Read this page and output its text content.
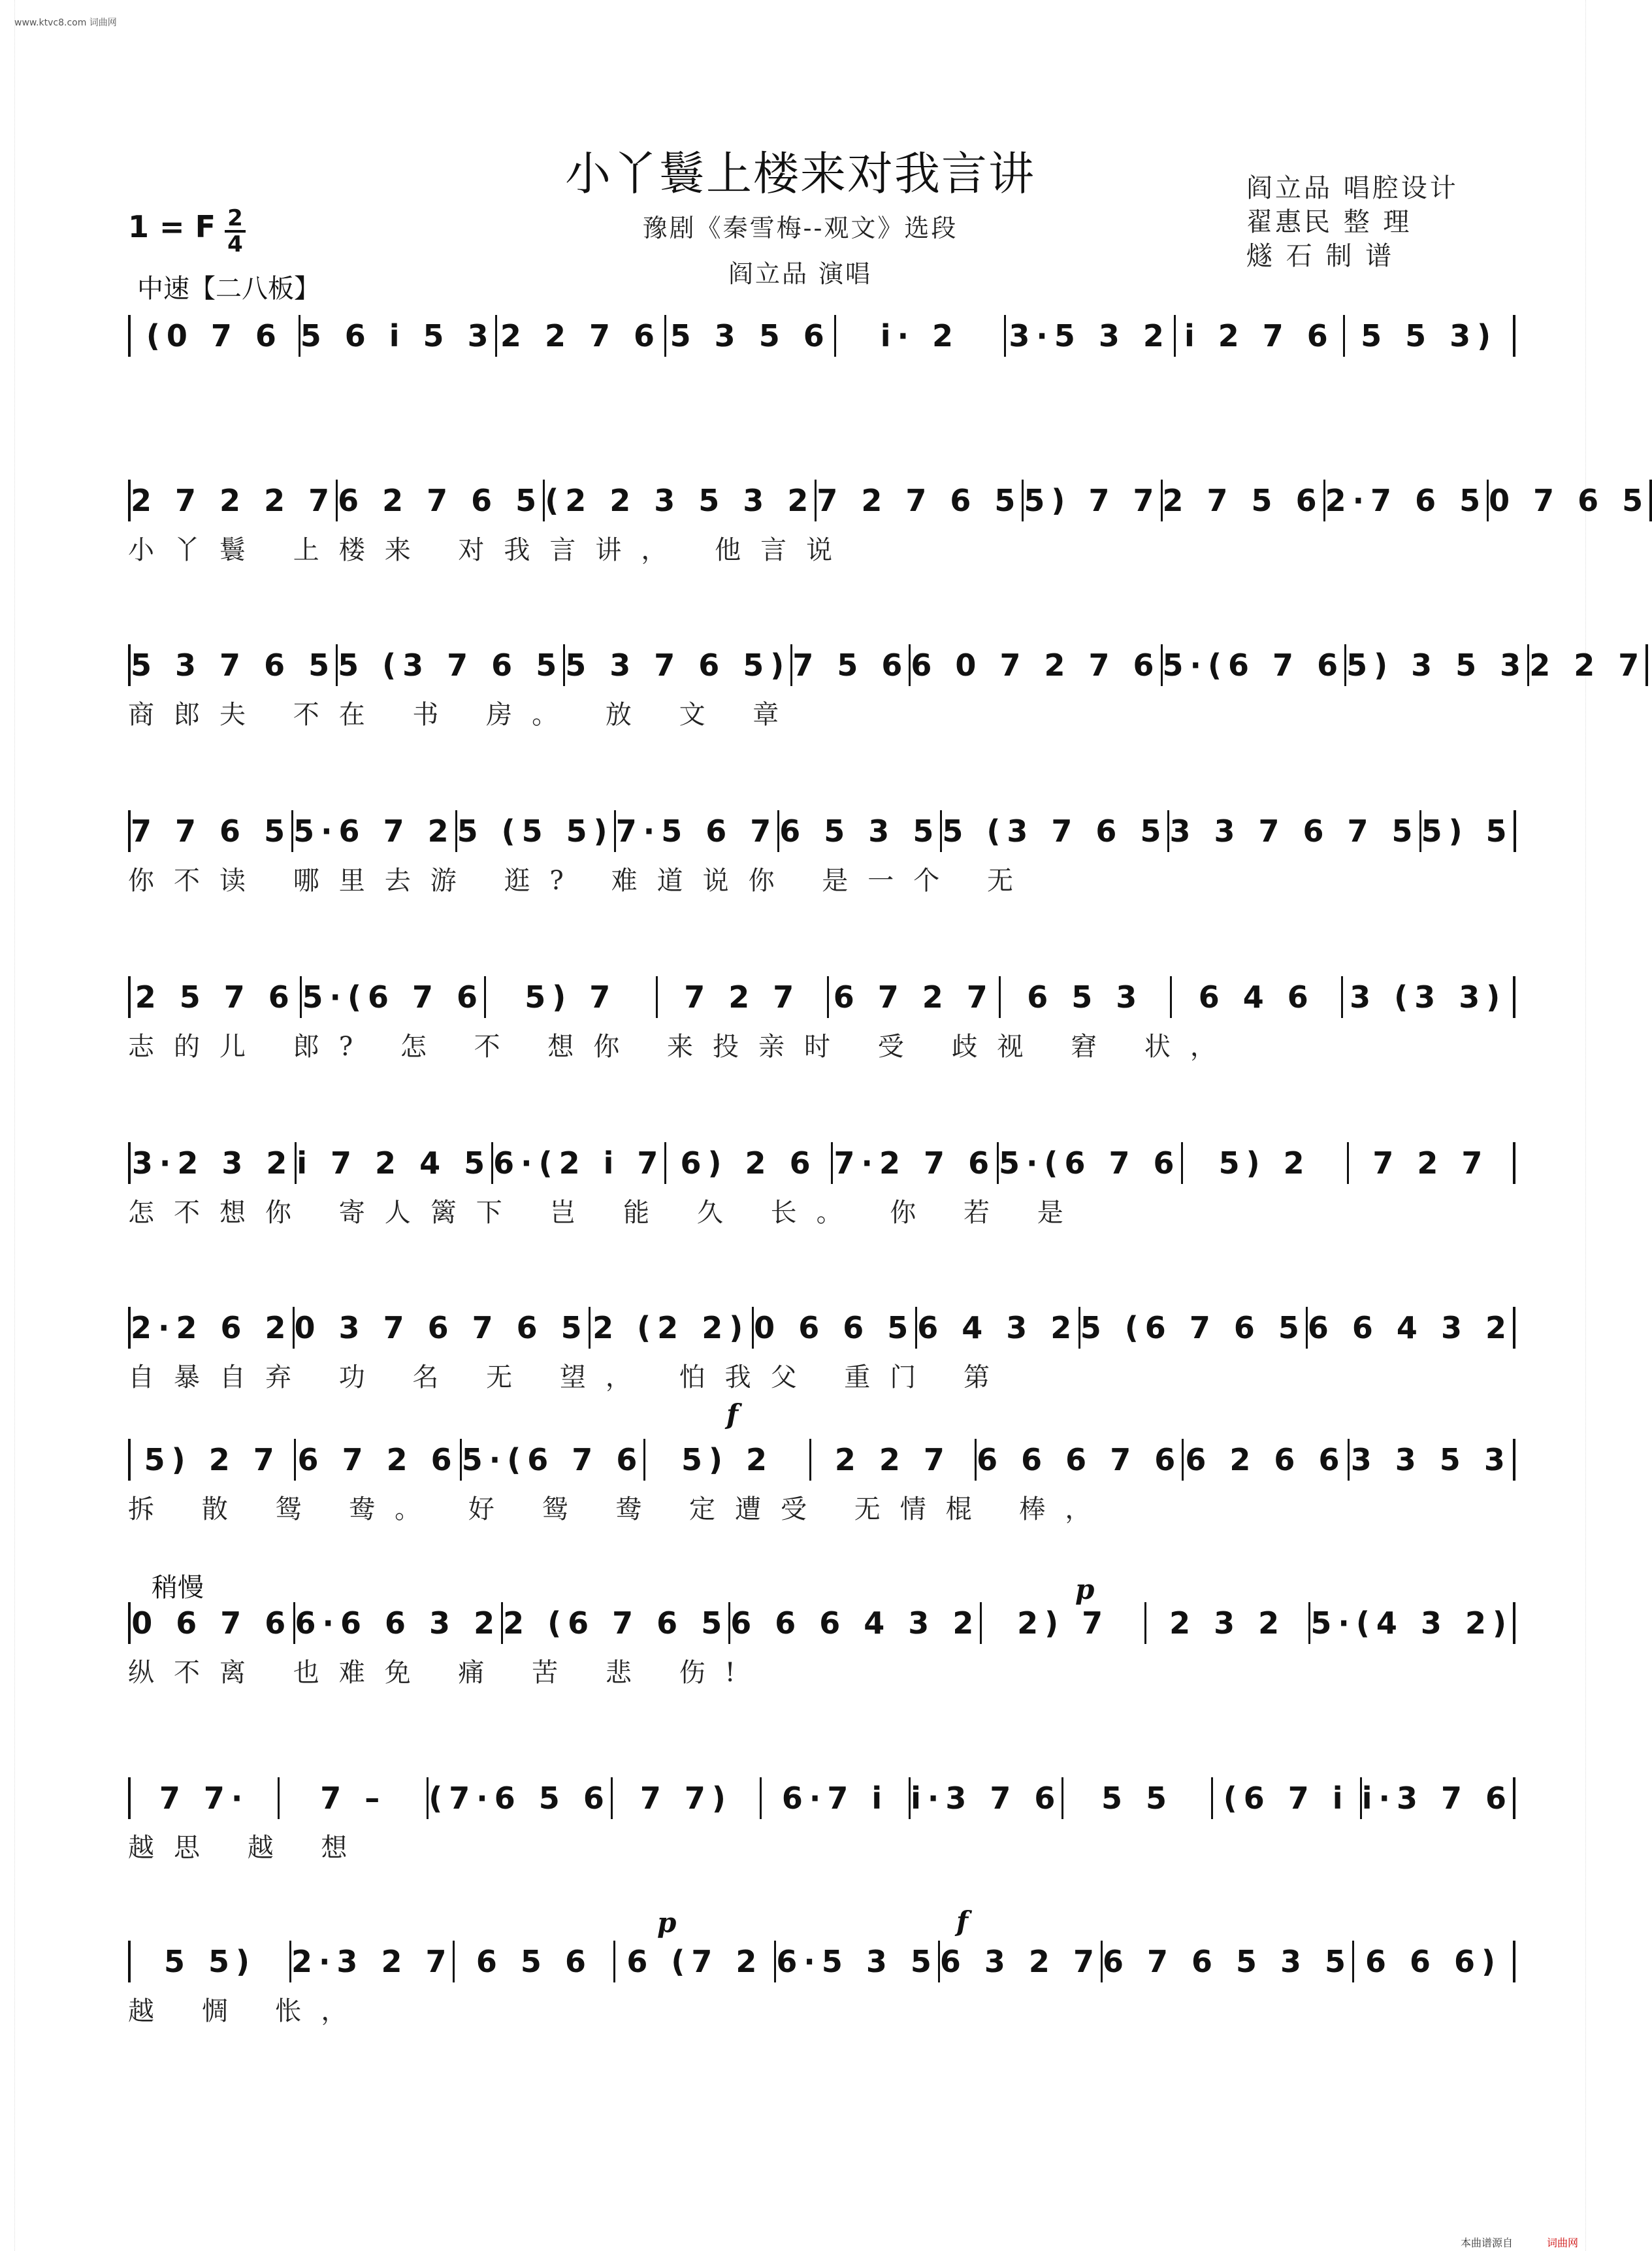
www.ktvc8.com 词曲网
小丫鬟上楼来对我言讲
豫剧《秦雪梅--观文》选段
阎立品 演唱
阎立品 唱腔设计
翟惠民 整 理
燧 石 制 谱
1 = F 2
4
中速【二八板】
稍慢
(0 7 6 5 6 i 5 3 2 2 7 6 5 3 5 6	i· 2	3·5 3 2 i 2 7 6 5 5 3)
2 7 2 2 7 6 2 7 6 5 (2 2 3 5 3 2 7 2 7 6 5 5) 7 7 2 7 5 6 2·7 6 5 0 7 6 5
小丫鬟 上楼来 对我言讲， 他言说
5 3 7 6 5 5 (3 7 6 5 5 3 7 6 5) 7 5 6 6 0 7 2 7 6 5·(6 7 6 5) 3 5 3 2 2 7
商郎夫 不在 书 房。 放 文 章
7 7 6 5 5·6 7 2 5 (5 5) 7·5 6 7 6 5 3 5 5 (3 7 6 5 3 3 7 6 7 5 5) 5
你不读 哪里去游 逛? 难道说你 是一个 无
2 5 7 6 5·(6 7 6	5) 7	7 2 7	6 7 2 7	6 5 3	6 4 6	3 (3 3)
志的儿 郎? 怎 不 想你 来投亲时 受 歧视 窘 状，
3·2 3 2 i 7 2 4 5 6·(2 i 7 6) 2 6 7·2 7 6 5·(6 7 6	5) 2	7 2 7
怎不想你 寄人篱下 岂 能 久 长。 你 若 是
2·2 6 2 0 3 7 6 7 6 5 2 (2 2) 0 6 6 5 6 4 3 2 5 (6 7 6 5 6 6 4 3 2
自暴自弃 功 名 无 望， 怕我父 重门 第
5) 2 7 6 7 2 6 5·(6 7 6	5) 2	2 2 7 6 6 6 7 6 6 2 6 6 3 3 5 3
拆 散 鸳 鸯。 好 鸳 鸯 定遭受 无情棍 棒，
0 6 7 6 6·6 6 3 2 2 (6 7 6 5 6 6 6 4 3 2	2) 7	2 3 2 5·(4 3 2)
纵不离 也难免 痛 苦 悲 伤!
7 7·	7 –	(7·6 5 6 7 7)	6·7 i i·3 7 6	5 5	(6 7 i i·3 7 6
越思 越 想
5 5)	2·3 2 7 6 5 6	6 (7 2 6·5 3 5 6 3 2 7 6 7 6 5 3 5 6 6 6)
越 惆 怅，
f
p
p	f
本曲谱源自	词曲网
